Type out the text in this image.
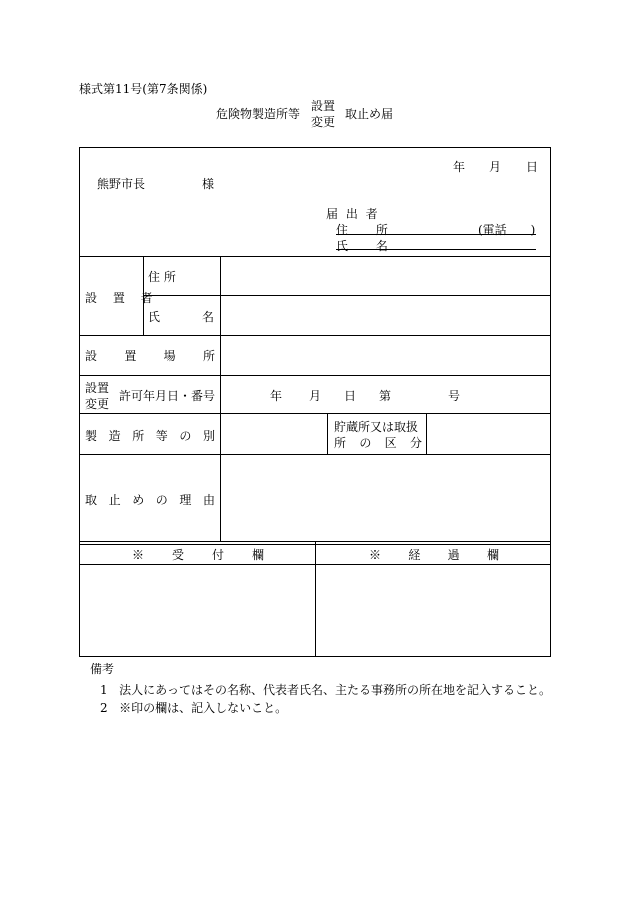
様式第11号(第7条関係)
危険物製造所等
設置
変更
取止め届
年 月 日
熊野市長	様
届 出 者
住 所	(電話　　)
氏 名
設 置 者
住 所
氏 名
設 置 場 所
設置
変更
許可年月日・番号	年 月 日 第	号
製 造 所 等 の 別
貯蔵所又は取扱
所 の 区 分
取 止 め の 理 由
※ 受 付 欄	※ 経 過 欄
備考
1 法人にあってはその名称、代表者氏名、主たる事務所の所在地を記入すること。
2 ※印の欄は、記入しないこと。
